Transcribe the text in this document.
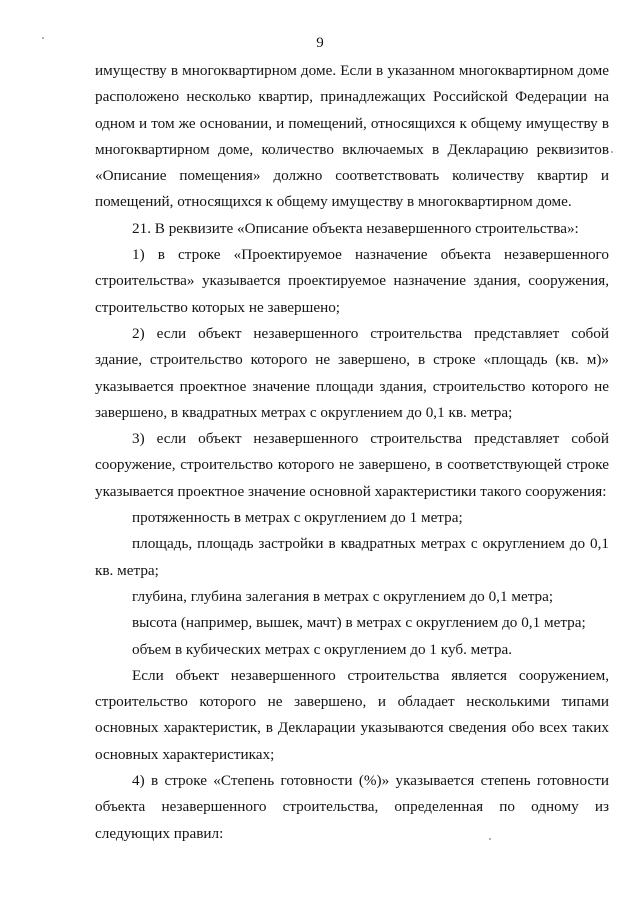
9

имуществу в многоквартирном доме. Если в указанном многоквартирном доме расположено несколько квартир, принадлежащих Российской Федерации на одном и том же основании, и помещений, относящихся к общему имуществу в многоквартирном доме, количество включаемых в Декларацию реквизитов «Описание помещения» должно соответствовать количеству квартир и помещений, относящихся к общему имуществу в многоквартирном доме.

21. В реквизите «Описание объекта незавершенного строительства»:

1) в строке «Проектируемое назначение объекта незавершенного строительства» указывается проектируемое назначение здания, сооружения, строительство которых не завершено;

2) если объект незавершенного строительства представляет собой здание, строительство которого не завершено, в строке «площадь (кв. м)» указывается проектное значение площади здания, строительство которого не завершено, в квадратных метрах с округлением до 0,1 кв. метра;

3) если объект незавершенного строительства представляет собой сооружение, строительство которого не завершено, в соответствующей строке указывается проектное значение основной характеристики такого сооружения:

протяженность в метрах с округлением до 1 метра;

площадь, площадь застройки в квадратных метрах с округлением до 0,1 кв. метра;

глубина, глубина залегания в метрах с округлением до 0,1 метра;

высота (например, вышек, мачт) в метрах с округлением до 0,1 метра;

объем в кубических метрах с округлением до 1 куб. метра.

Если объект незавершенного строительства является сооружением, строительство которого не завершено, и обладает несколькими типами основных характеристик, в Декларации указываются сведения обо всех таких основных характеристиках;

4) в строке «Степень готовности (%)» указывается степень готовности объекта незавершенного строительства, определенная по одному из следующих правил:
